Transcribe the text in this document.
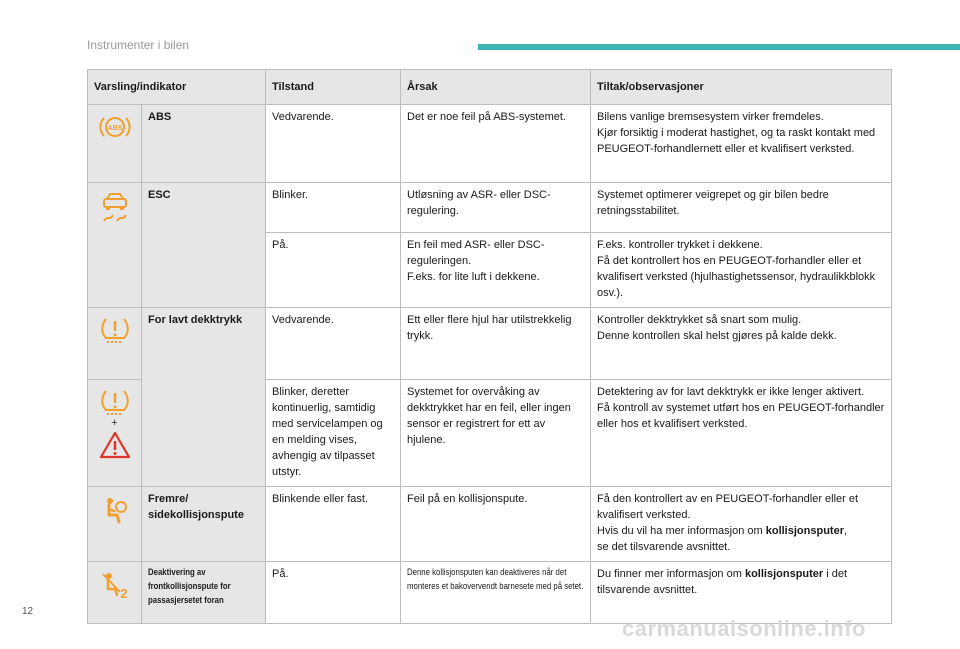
Instrumenter i bilen
Varsling/indikator		Tilstand	Årsak	Tiltak/observasjoner

ABS	ABS	Vedvarende.	Det er noe feil på ABS-systemet.	Bilens vanlige bremsesystem virker fremdeles.
Kjør forsiktig i moderat hastighet, og ta raskt kontakt med PEUGEOT-forhandlernett eller et kvalifisert verksted.

	ESC	Blinker.	Utløsning av ASR- eller DSC-regulering.	Systemet optimerer veigrepet og gir bilen bedre retningsstabilitet.
		På.	En feil med ASR- eller DSC-reguleringen.
F.eks. for lite luft i dekkene.	F.eks. kontroller trykket i dekkene.
Få det kontrollert hos en PEUGEOT-forhandler eller et kvalifisert verksted (hjulhastighetssensor, hydraulikkblokk osv.).

	For lavt dekktrykk	Vedvarende.	Ett eller flere hjul har utilstrekkelig trykk.	Kontroller dekktrykket så snart som mulig.
Denne kontrollen skal helst gjøres på kalde dekk.

+		Blinker, deretter kontinuerlig, samtidig med servicelampen og en melding vises, avhengig av tilpasset utstyr.	Systemet for overvåking av dekktrykket har en feil, eller ingen sensor er registrert for ett av hjulene.	Detektering av for lavt dekktrykk er ikke lenger aktivert.
Få kontroll av systemet utført hos en PEUGEOT-forhandler eller hos et kvalifisert verksted.

	Fremre/ sidekollisjonspute	Blinkende eller fast.	Feil på en kollisjonspute.	Få den kontrollert av en PEUGEOT-forhandler eller et kvalifisert verksted.
Hvis du vil ha mer informasjon om kollisjonsputer,
se det tilsvarende avsnittet.

2	Deaktivering av frontkollisjonspute for passasjersetet foran	På.	Denne kollisjonsputen kan deaktiveres når det monteres et bakovervendt barnesete med på setet.	Du finner mer informasjon om kollisjonsputer i det tilsvarende avsnittet.
12
carmanualsonline.info
